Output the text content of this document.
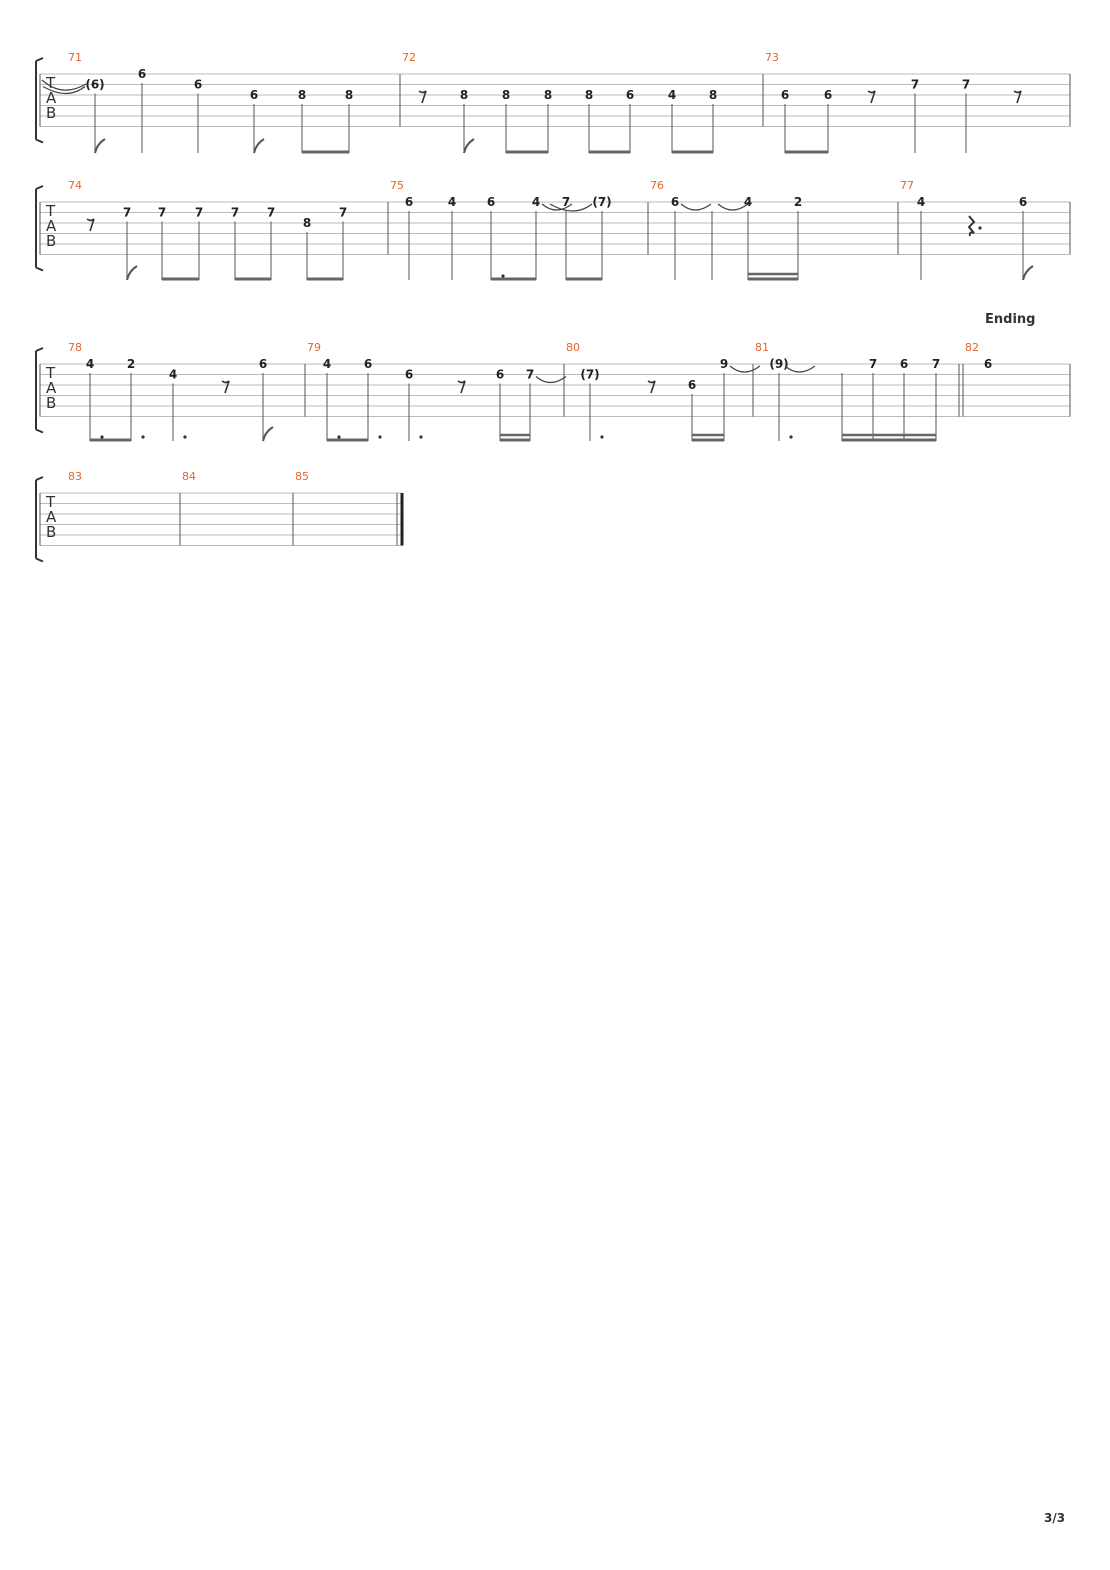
T
A
B
71
(6)
6
6
6	8	8
72
8	8	8	8	6	4	8
73
6	6
7	7
T
A
B
74
7 7 7 7 7
8
7
75
6	4	6	4 7 (7)
76
6	4	2
77
4	6
T
A
B
78
4	2
4
6
79
4	6
6	6 7
80
(7)
6
9
81
(9)	7 6 7
82
6
T
A
B
83	84	85
Ending
3/3
